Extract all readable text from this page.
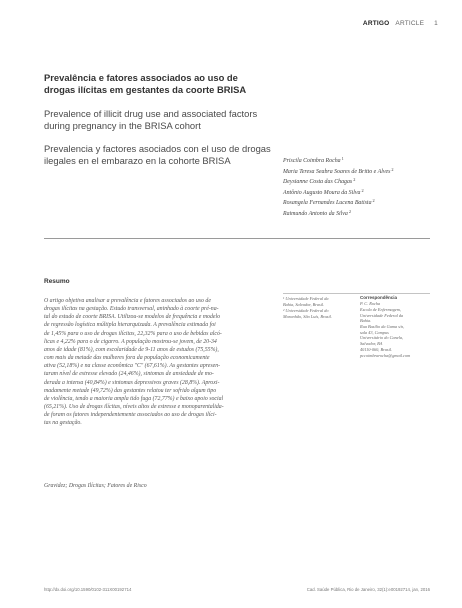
ARTIGO ARTICLE 1
Prevalência e fatores associados ao uso de drogas ilícitas em gestantes da coorte BRISA
Prevalence of illicit drug use and associated factors during pregnancy in the BRISA cohort
Prevalencia y factores asociados con el uso de drogas ilegales en el embarazo en la cohorte BRISA	Priscila Coimbra Rocha$^1$
Maria Teresa Seabra Soares de Britto e Alves$^2$
Deysianne Costa das Chagas$^2$
Antônio Augusto Moura da Silva$^2$
Rosangela Fernandes Lucena Batista$^2$
Raimundo Antonio da Silva$^2$
Resumo
O artigo objetiva analisar a prevalência e fatores associados ao uso de
drogas ilícitas na gestação. Estudo transversal, aninhado à coorte pré-na-
tal do estudo de coorte BRISA. Utilizou-se modelos de frequência e modelo
de regressão logística múltipla hierarquizada. A prevalência estimada foi
de 1,45% para o uso de drogas ilícitas, 22,32% para o uso de bebidas alcó-
licas e 4,22% para o de cigarro. A população mostrou-se jovem, de 20-34
anos de idade (81%), com escolaridade de 9-11 anos de estudos (75,55%),
com mais da metade das mulheres fora da população economicamente
ativa (52,18%) e na classe econômica "C" (67,61%). As gestantes apresen-
taram nível de estresse elevado (24,46%), sintomas de ansiedade de mo-
derada a intensa (40,84%) e sintomas depressivos graves (28,8%). Aproxi-
madamente metade (49,72%) das gestantes relatou ter sofrido algum tipo
de violência, tendo a maioria ampla tido fuga (72,77%) e baixo apoio social
(65,21%). Uso de drogas ilícitas, níveis altos de estresse e monoparentalida-
de foram os fatores independentemente associados ao uso de drogas ilíci-
tas na gestação.
Gravidez; Drogas Ilícitas; Fatores de Risco
¹ Universidade Federal da
Bahia, Salvador, Brasil.
² Universidade Federal do
Maranhão, São Luís, Brasil.
Correspondência
P. C. Rocha
Escola de Enfermagem,
Universidade Federal da
Bahia.
Rua Basílio da Gama s/n,
sala 43, Campus
Universitário do Canela,
Salvador, BA
40110-060, Brasil.
pccoimbrarocha@gmail.com
http://dx.doi.org/10.1590/0102-311X00192714	Cad. Saúde Pública, Rio de Janeiro, 32(1):e00192714, jan, 2016
